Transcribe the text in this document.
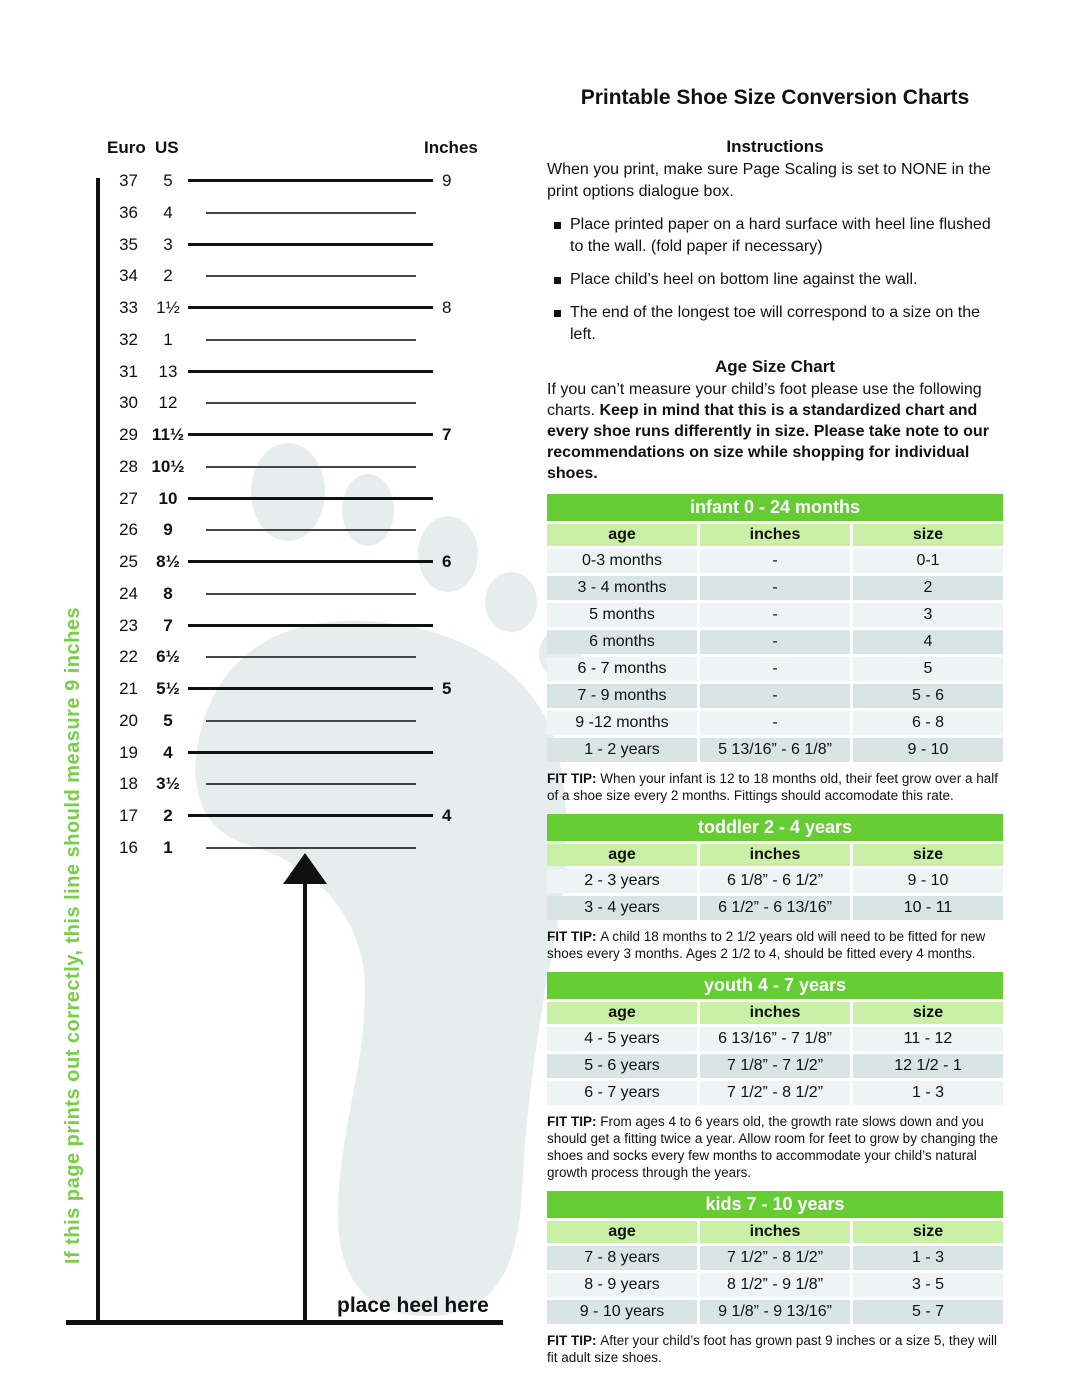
Euro US	Inches
37	5	9
36	4
35	3
34	2
33	1½	8
32	1
31	13
30	12
29 11½	7
28 10½
27	10
26	9
25	8½	6
24	8
23	7
22	6½
21	5½	5
20	5
19	4
18	3½
17	2	4
16	1
place heel here
If this page prints out correctly, this line should measure 9 inches
Printable Shoe Size Conversion Charts
Instructions

When you print, make sure Page Scaling is set to NONE in the print options dialogue box.

Place printed paper on a hard surface with heel line flushed to the wall. (fold paper if necessary)
Place child’s heel on bottom line against the wall.
The end of the longest toe will correspond to a size on the left.
Age Size Chart

If you can’t measure your child’s foot please use the following charts. Keep in mind that this is a standardized chart and every shoe runs differently in size. Please take note to our recommendations on size while shopping for individual shoes.

infant 0 - 24 months
age	inches	size
0-3 months	-	0-1
3 - 4 months	-	2
5 months	-	3
6 months	-	4
6 - 7 months	-	5
7 - 9 months	-	5 - 6
9 -12 months	-	6 - 8
1 - 2 years	5 13/16” - 6 1/8”	9 - 10

FIT TIP: When your infant is 12 to 18 months old, their feet grow over a half of a shoe size every 2 months. Fittings should accomodate this rate.

toddler 2 - 4 years
age	inches	size
2 - 3 years	6 1/8” - 6 1/2”	9 - 10
3 - 4 years	6 1/2” - 6 13/16”	10 - 11

FIT TIP: A child 18 months to 2 1/2 years old will need to be fitted for new shoes every 3 months. Ages 2 1/2 to 4, should be fitted every 4 months.

youth 4 - 7 years
age	inches	size
4 - 5 years	6 13/16” - 7 1/8”	11 - 12
5 - 6 years	7 1/8” - 7 1/2”	12 1/2 - 1
6 - 7 years	7 1/2” - 8 1/2”	1 - 3

FIT TIP: From ages 4 to 6 years old, the growth rate slows down and you should get a fitting twice a year. Allow room for feet to grow by changing the shoes and socks every few months to accommodate your child’s natural growth process through the years.

kids 7 - 10 years
age	inches	size
7 - 8 years	7 1/2” - 8 1/2”	1 - 3
8 - 9 years	8 1/2” - 9 1/8”	3 - 5
9 - 10 years	9 1/8” - 9 13/16”	5 - 7

FIT TIP: After your child’s foot has grown past 9 inches or a size 5, they will fit adult size shoes.
